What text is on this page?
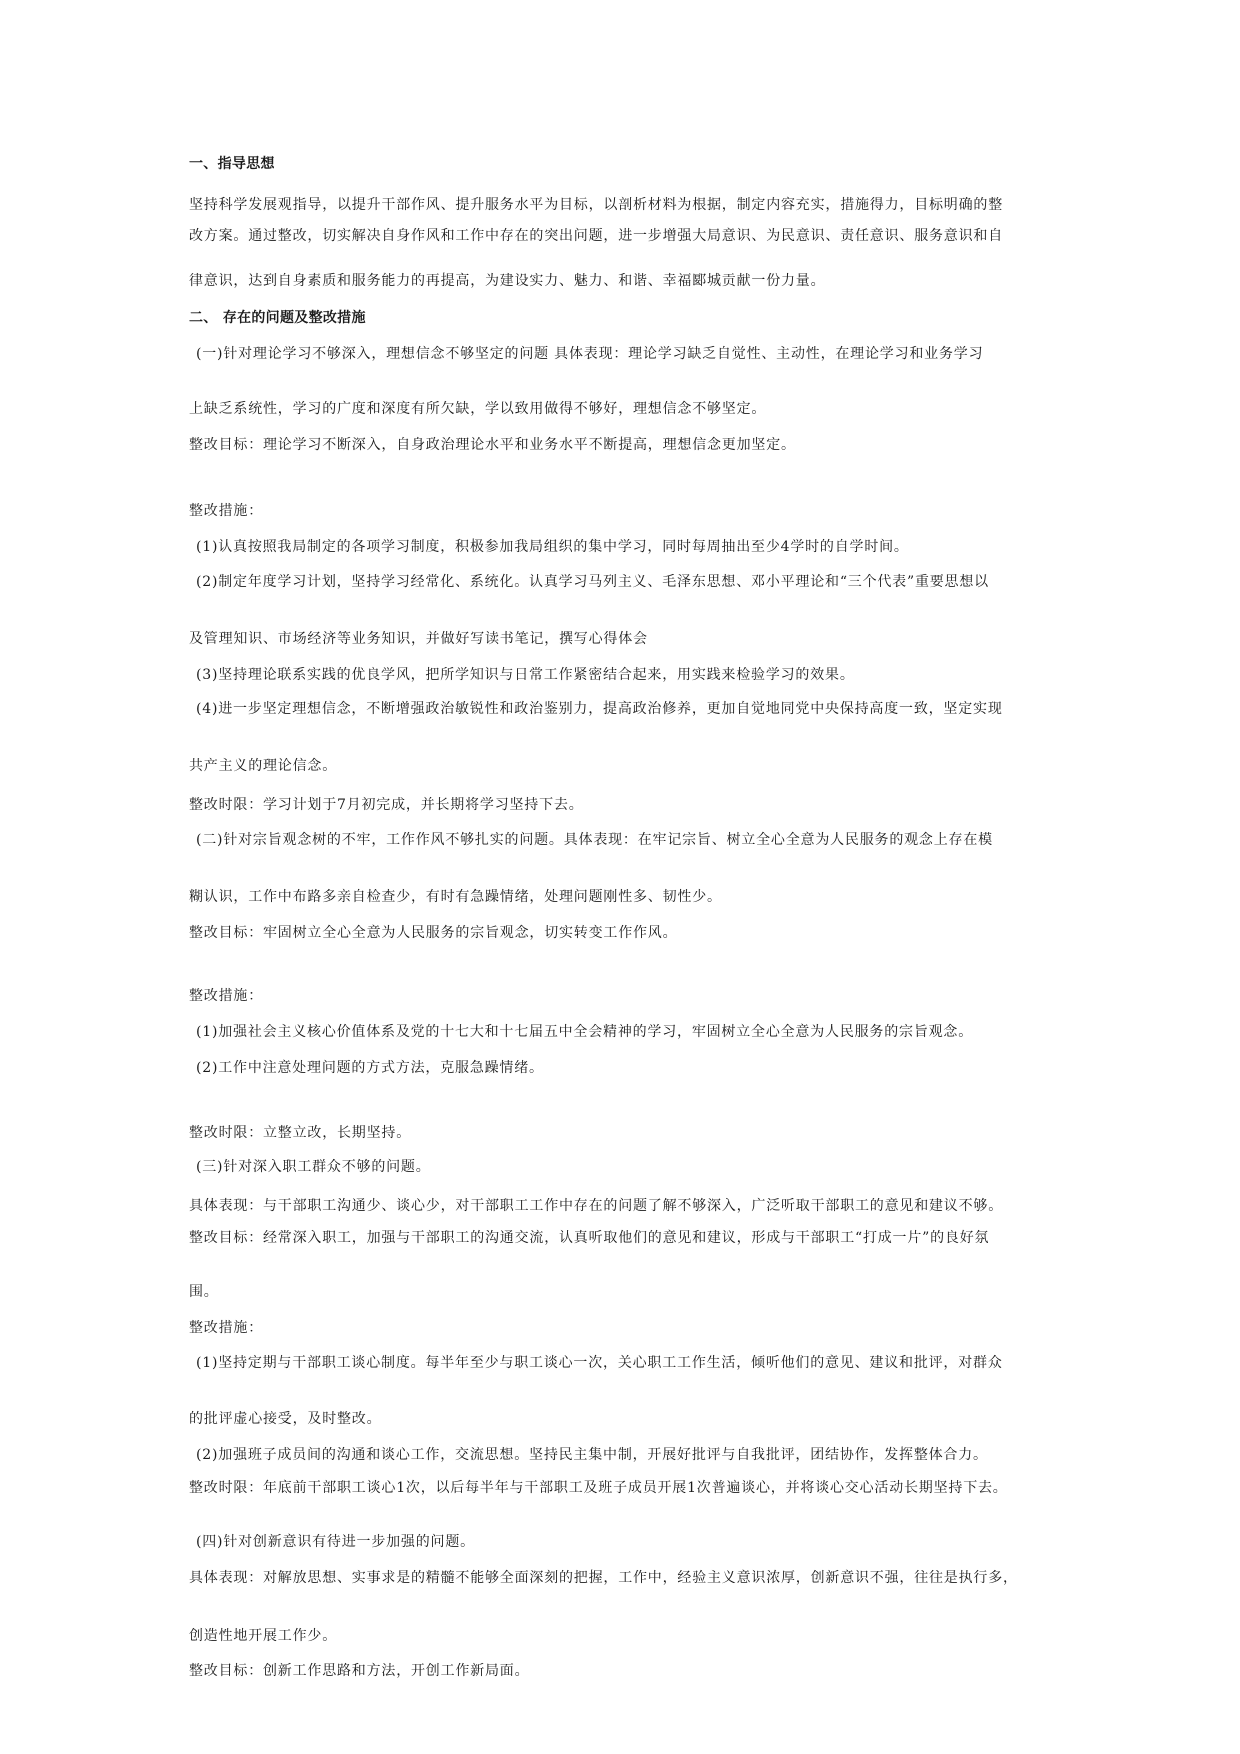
一、指导思想
坚持科学发展观指导，以提升干部作风、提升服务水平为目标，以剖析材料为根据，制定内容充实，措施得力，目标明确的整
改方案。通过整改，切实解决自身作风和工作中存在的突出问题，进一步增强大局意识、为民意识、责任意识、服务意识和自
律意识，达到自身素质和服务能力的再提高，为建设实力、魅力、和谐、幸福郾城贡献一份力量。
二、 存在的问题及整改措施
(一)针对理论学习不够深入，理想信念不够坚定的问题 具体表现：理论学习缺乏自觉性、主动性，在理论学习和业务学习
上缺乏系统性，学习的广度和深度有所欠缺，学以致用做得不够好，理想信念不够坚定。
整改目标：理论学习不断深入，自身政治理论水平和业务水平不断提高，理想信念更加坚定。
整改措施：
(1)认真按照我局制定的各项学习制度，积极参加我局组织的集中学习，同时每周抽出至少4学时的自学时间。
(2)制定年度学习计划，坚持学习经常化、系统化。认真学习马列主义、毛泽东思想、邓小平理论和“三个代表”重要思想以
及管理知识、市场经济等业务知识，并做好写读书笔记，撰写心得体会
(3)坚持理论联系实践的优良学风，把所学知识与日常工作紧密结合起来，用实践来检验学习的效果。
(4)进一步坚定理想信念，不断增强政治敏锐性和政治鉴别力，提高政治修养，更加自觉地同党中央保持高度一致，坚定实现
共产主义的理论信念。
整改时限：学习计划于7月初完成，并长期将学习坚持下去。
(二)针对宗旨观念树的不牢，工作作风不够扎实的问题。具体表现：在牢记宗旨、树立全心全意为人民服务的观念上存在模
糊认识，工作中布路多亲自检查少，有时有急躁情绪，处理问题刚性多、韧性少。
整改目标：牢固树立全心全意为人民服务的宗旨观念，切实转变工作作风。
整改措施：
(1)加强社会主义核心价值体系及党的十七大和十七届五中全会精神的学习，牢固树立全心全意为人民服务的宗旨观念。
(2)工作中注意处理问题的方式方法，克服急躁情绪。
整改时限：立整立改，长期坚持。
(三)针对深入职工群众不够的问题。
具体表现：与干部职工沟通少、谈心少，对干部职工工作中存在的问题了解不够深入，广泛听取干部职工的意见和建议不够。
整改目标：经常深入职工，加强与干部职工的沟通交流，认真听取他们的意见和建议，形成与干部职工“打成一片”的良好氛
围。
整改措施：
(1)坚持定期与干部职工谈心制度。每半年至少与职工谈心一次，关心职工工作生活，倾听他们的意见、建议和批评，对群众
的批评虚心接受，及时整改。
(2)加强班子成员间的沟通和谈心工作，交流思想。坚持民主集中制，开展好批评与自我批评，团结协作，发挥整体合力。
整改时限：年底前干部职工谈心1次，以后每半年与干部职工及班子成员开展1次普遍谈心，并将谈心交心活动长期坚持下去。
(四)针对创新意识有待进一步加强的问题。
具体表现：对解放思想、实事求是的精髓不能够全面深刻的把握，工作中，经验主义意识浓厚，创新意识不强，往往是执行多，
创造性地开展工作少。
整改目标：创新工作思路和方法，开创工作新局面。
